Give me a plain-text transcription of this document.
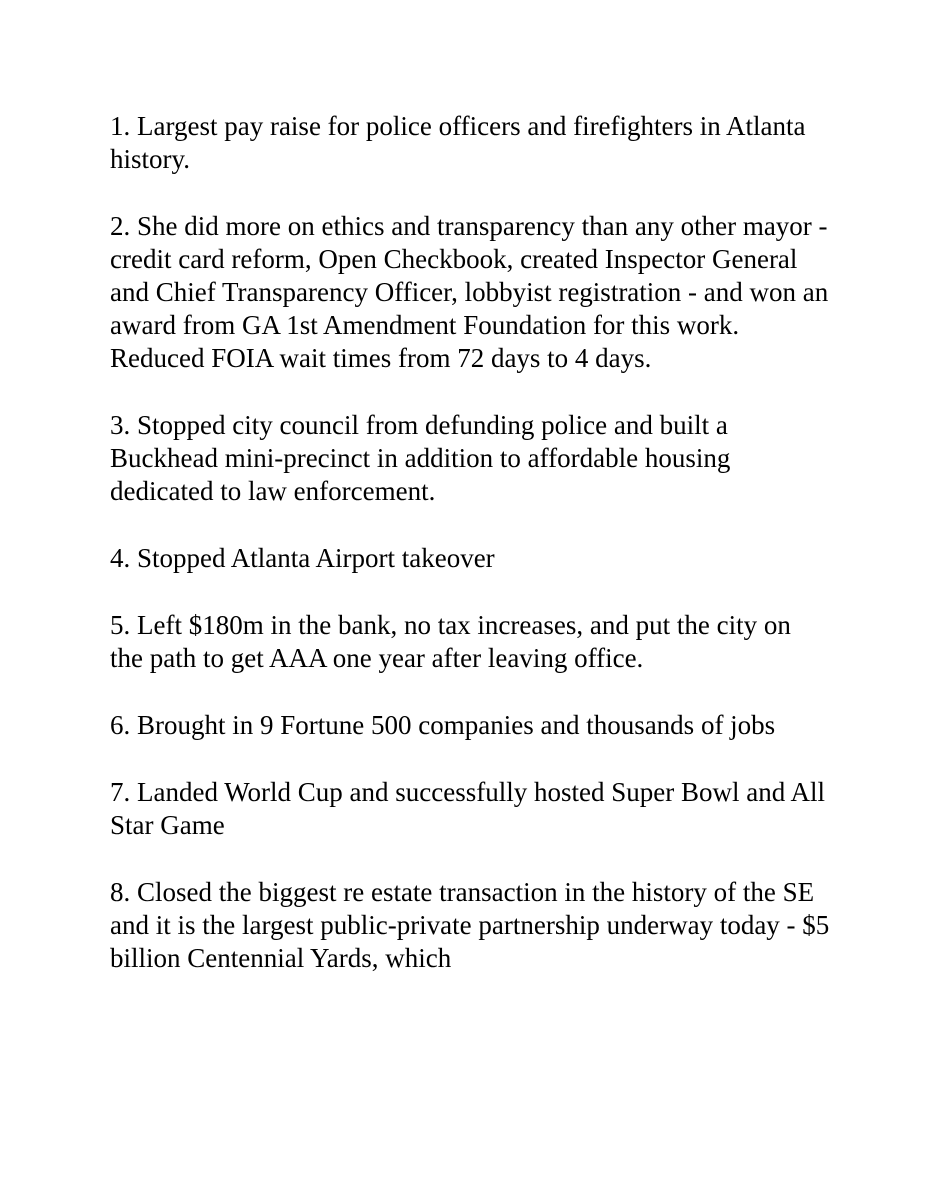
1. Largest pay raise for police officers and firefighters in Atlanta history.

2. She did more on ethics and transparency than any other mayor - credit card reform, Open Checkbook, created Inspector General and Chief Transparency Officer, lobbyist registration - and won an award from GA 1st Amendment Foundation for this work. Reduced FOIA wait times from 72 days to 4 days.

3. Stopped city council from defunding police and built a Buckhead mini-precinct in addition to affordable housing dedicated to law enforcement.

4. Stopped Atlanta Airport takeover

5. Left $180m in the bank, no tax increases, and put the city on the path to get AAA one year after leaving office.

6. Brought in 9 Fortune 500 companies and thousands of jobs

7. Landed World Cup and successfully hosted Super Bowl and All Star Game

8. Closed the biggest re estate transaction in the history of the SE and it is the largest public-private partnership underway today - $5 billion Centennial Yards, which
